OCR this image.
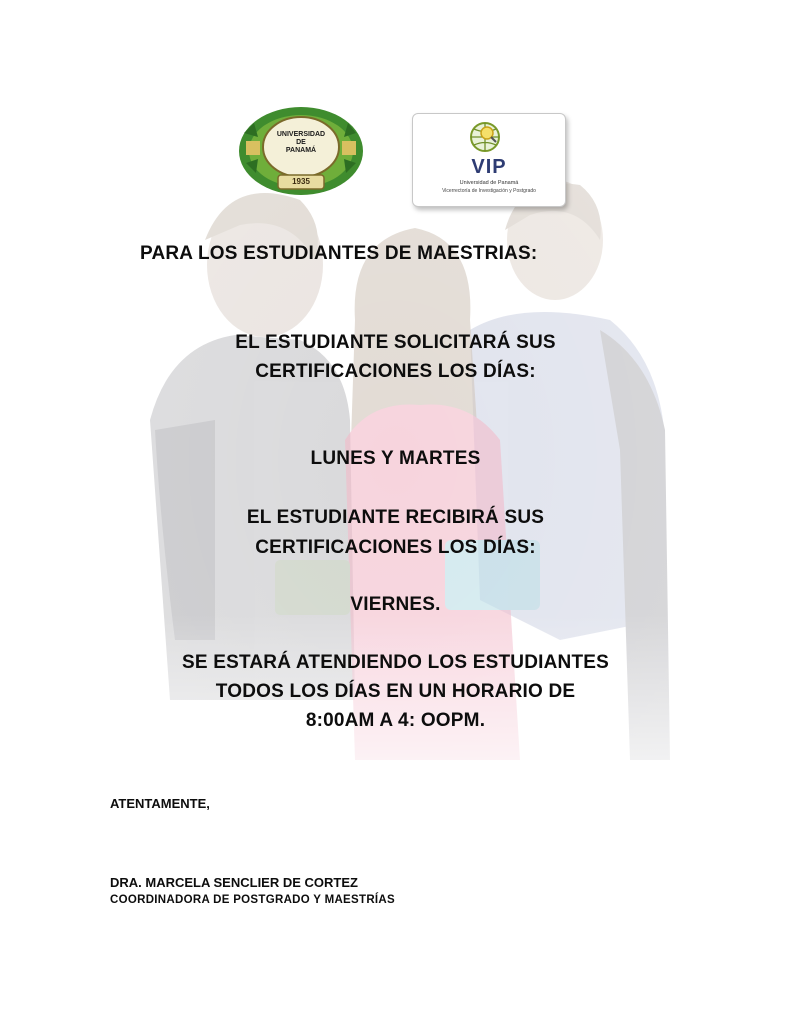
UNIVERSIDAD
DE
PANAMÁ
1935
VIP
Universidad de Panamá
Vicerrectoría de Investigación y Postgrado
PARA LOS ESTUDIANTES DE MAESTRIAS:
EL ESTUDIANTE SOLICITARÁ SUS
CERTIFICACIONES LOS DÍAS:
LUNES Y MARTES
EL ESTUDIANTE RECIBIRÁ SUS
CERTIFICACIONES LOS DÍAS:
VIERNES.
SE ESTARÁ ATENDIENDO LOS ESTUDIANTES
TODOS LOS DÍAS EN UN HORARIO DE
8:00AM A 4: OOPM.
ATENTAMENTE,
DRA. MARCELA SENCLIER DE CORTEZ
COORDINADORA DE POSTGRADO Y MAESTRÍAS
